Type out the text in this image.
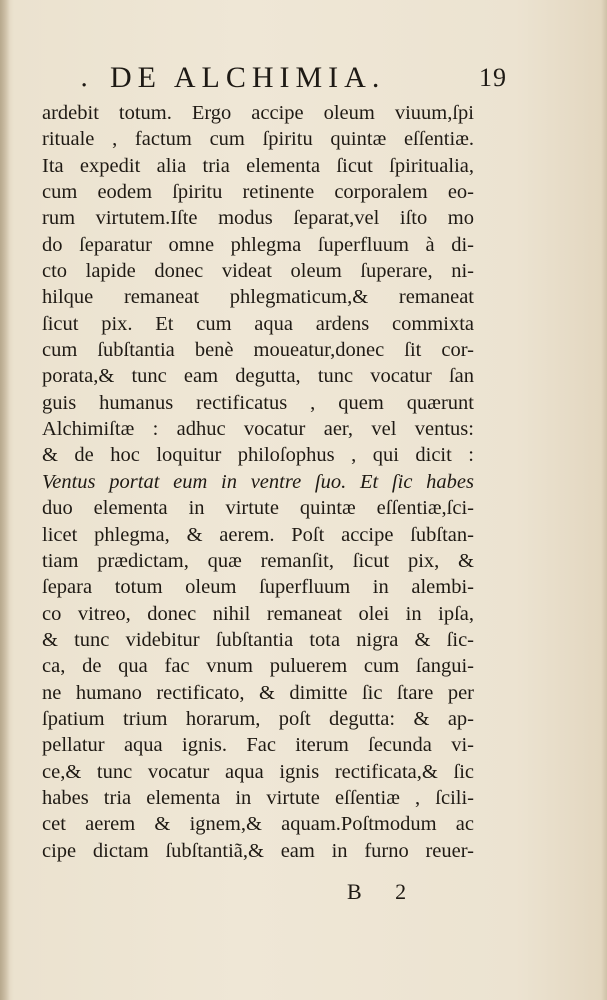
. DE ALCHIMIA.	19
ardebit totum. Ergo accipe oleum viuum,ſpi
rituale , factum cum ſpiritu quintæ eſſentiæ.
Ita expedit alia tria elementa ſicut ſpiritualia,
cum eodem ſpiritu retinente corporalem eo-
rum virtutem.Iſte modus ſeparat,vel iſto mo
do ſeparatur omne phlegma ſuperfluum à di-
cto lapide donec videat oleum ſuperare, ni-
hilque remaneat phlegmaticum,& remaneat
ſicut pix. Et cum aqua ardens commixta
cum ſubſtantia benè moueatur,donec ſit cor-
porata,& tunc eam degutta, tunc vocatur ſan
guis humanus rectificatus , quem quærunt
Alchimiſtæ : adhuc vocatur aer, vel ventus:
& de hoc loquitur philoſophus , qui dicit :
Ventus portat eum in ventre ſuo. Et ſic habes
duo elementa in virtute quintæ eſſentiæ,ſci-
licet phlegma, & aerem. Poſt accipe ſubſtan-
tiam prædictam, quæ remanſit, ſicut pix, &
ſepara totum oleum ſuperfluum in alembi-
co vitreo, donec nihil remaneat olei in ipſa,
& tunc videbitur ſubſtantia tota nigra & ſic-
ca, de qua fac vnum puluerem cum ſangui-
ne humano rectificato, & dimitte ſic ſtare per
ſpatium trium horarum, poſt degutta: & ap-
pellatur aqua ignis. Fac iterum ſecunda vi-
ce,& tunc vocatur aqua ignis rectificata,& ſic
habes tria elementa in virtute eſſentiæ , ſcili-
cet aerem & ignem,& aquam.Poſtmodum ac
cipe dictam ſubſtantiã,& eam in furno reuer-
B 2
